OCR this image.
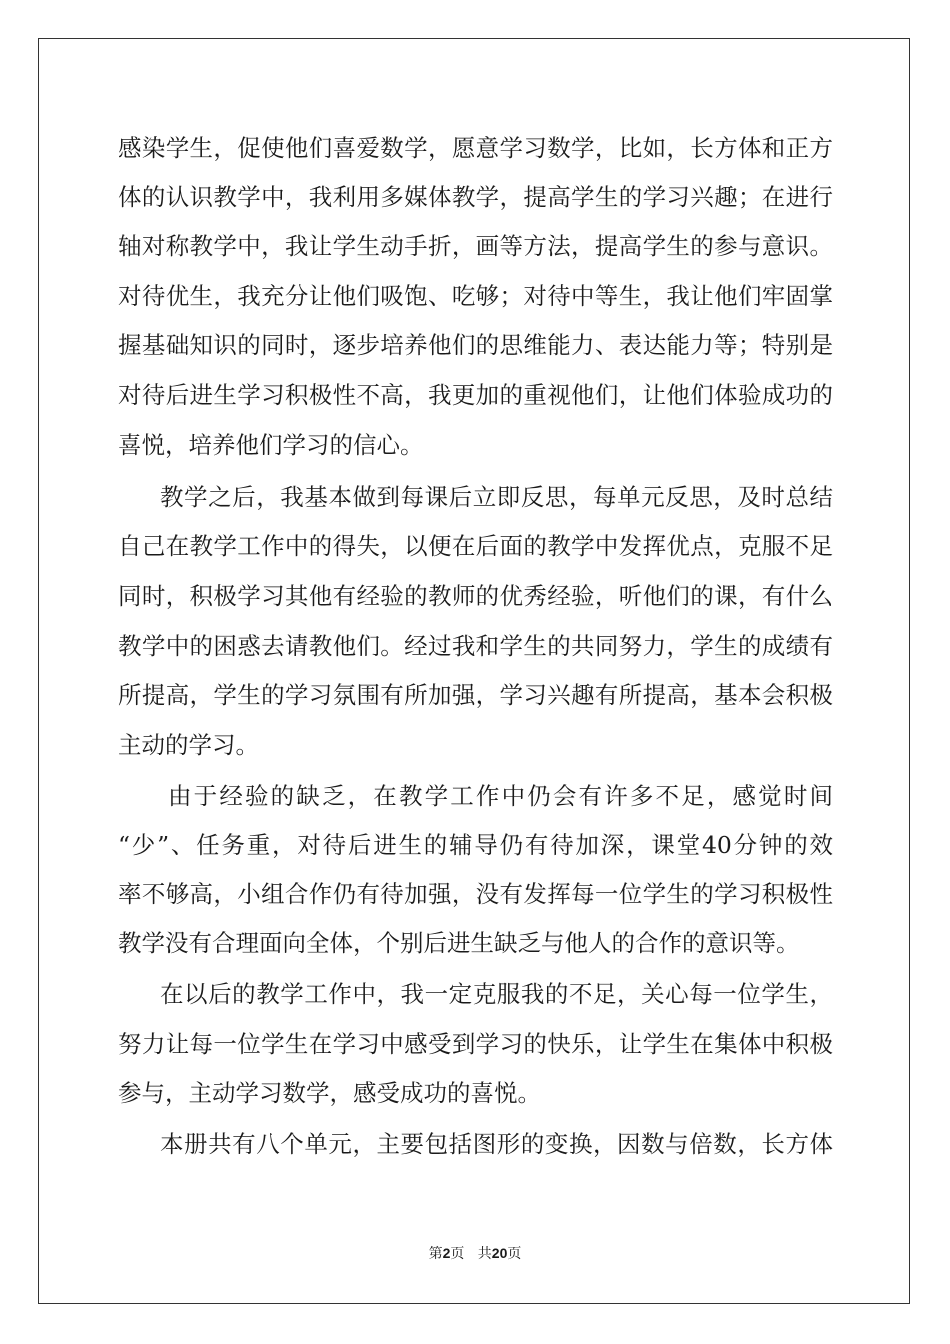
感染学生，促使他们喜爱数学，愿意学习数学，比如，长方体和正方
体的认识教学中，我利用多媒体教学，提高学生的学习兴趣；在进行
轴对称教学中，我让学生动手折，画等方法，提高学生的参与意识。
对待优生，我充分让他们吸饱、吃够；对待中等生，我让他们牢固掌
握基础知识的同时，逐步培养他们的思维能力、表达能力等；特别是
对待后进生学习积极性不高，我更加的重视他们，让他们体验成功的
喜悦，培养他们学习的信心。
教学之后，我基本做到每课后立即反思，每单元反思，及时总结
自己在教学工作中的得失，以便在后面的教学中发挥优点，克服不足
同时，积极学习其他有经验的教师的优秀经验，听他们的课，有什么
教学中的困惑去请教他们。经过我和学生的共同努力，学生的成绩有
所提高，学生的学习氛围有所加强，学习兴趣有所提高，基本会积极
主动的学习。
由于经验的缺乏，在教学工作中仍会有许多不足，感觉时间
“少”、任务重，对待后进生的辅导仍有待加深，课堂40分钟的效
率不够高，小组合作仍有待加强，没有发挥每一位学生的学习积极性
教学没有合理面向全体，个别后进生缺乏与他人的合作的意识等。
在以后的教学工作中，我一定克服我的不足，关心每一位学生，
努力让每一位学生在学习中感受到学习的快乐，让学生在集体中积极
参与，主动学习数学，感受成功的喜悦。
本册共有八个单元，主要包括图形的变换，因数与倍数，长方体
第2页 共20页
